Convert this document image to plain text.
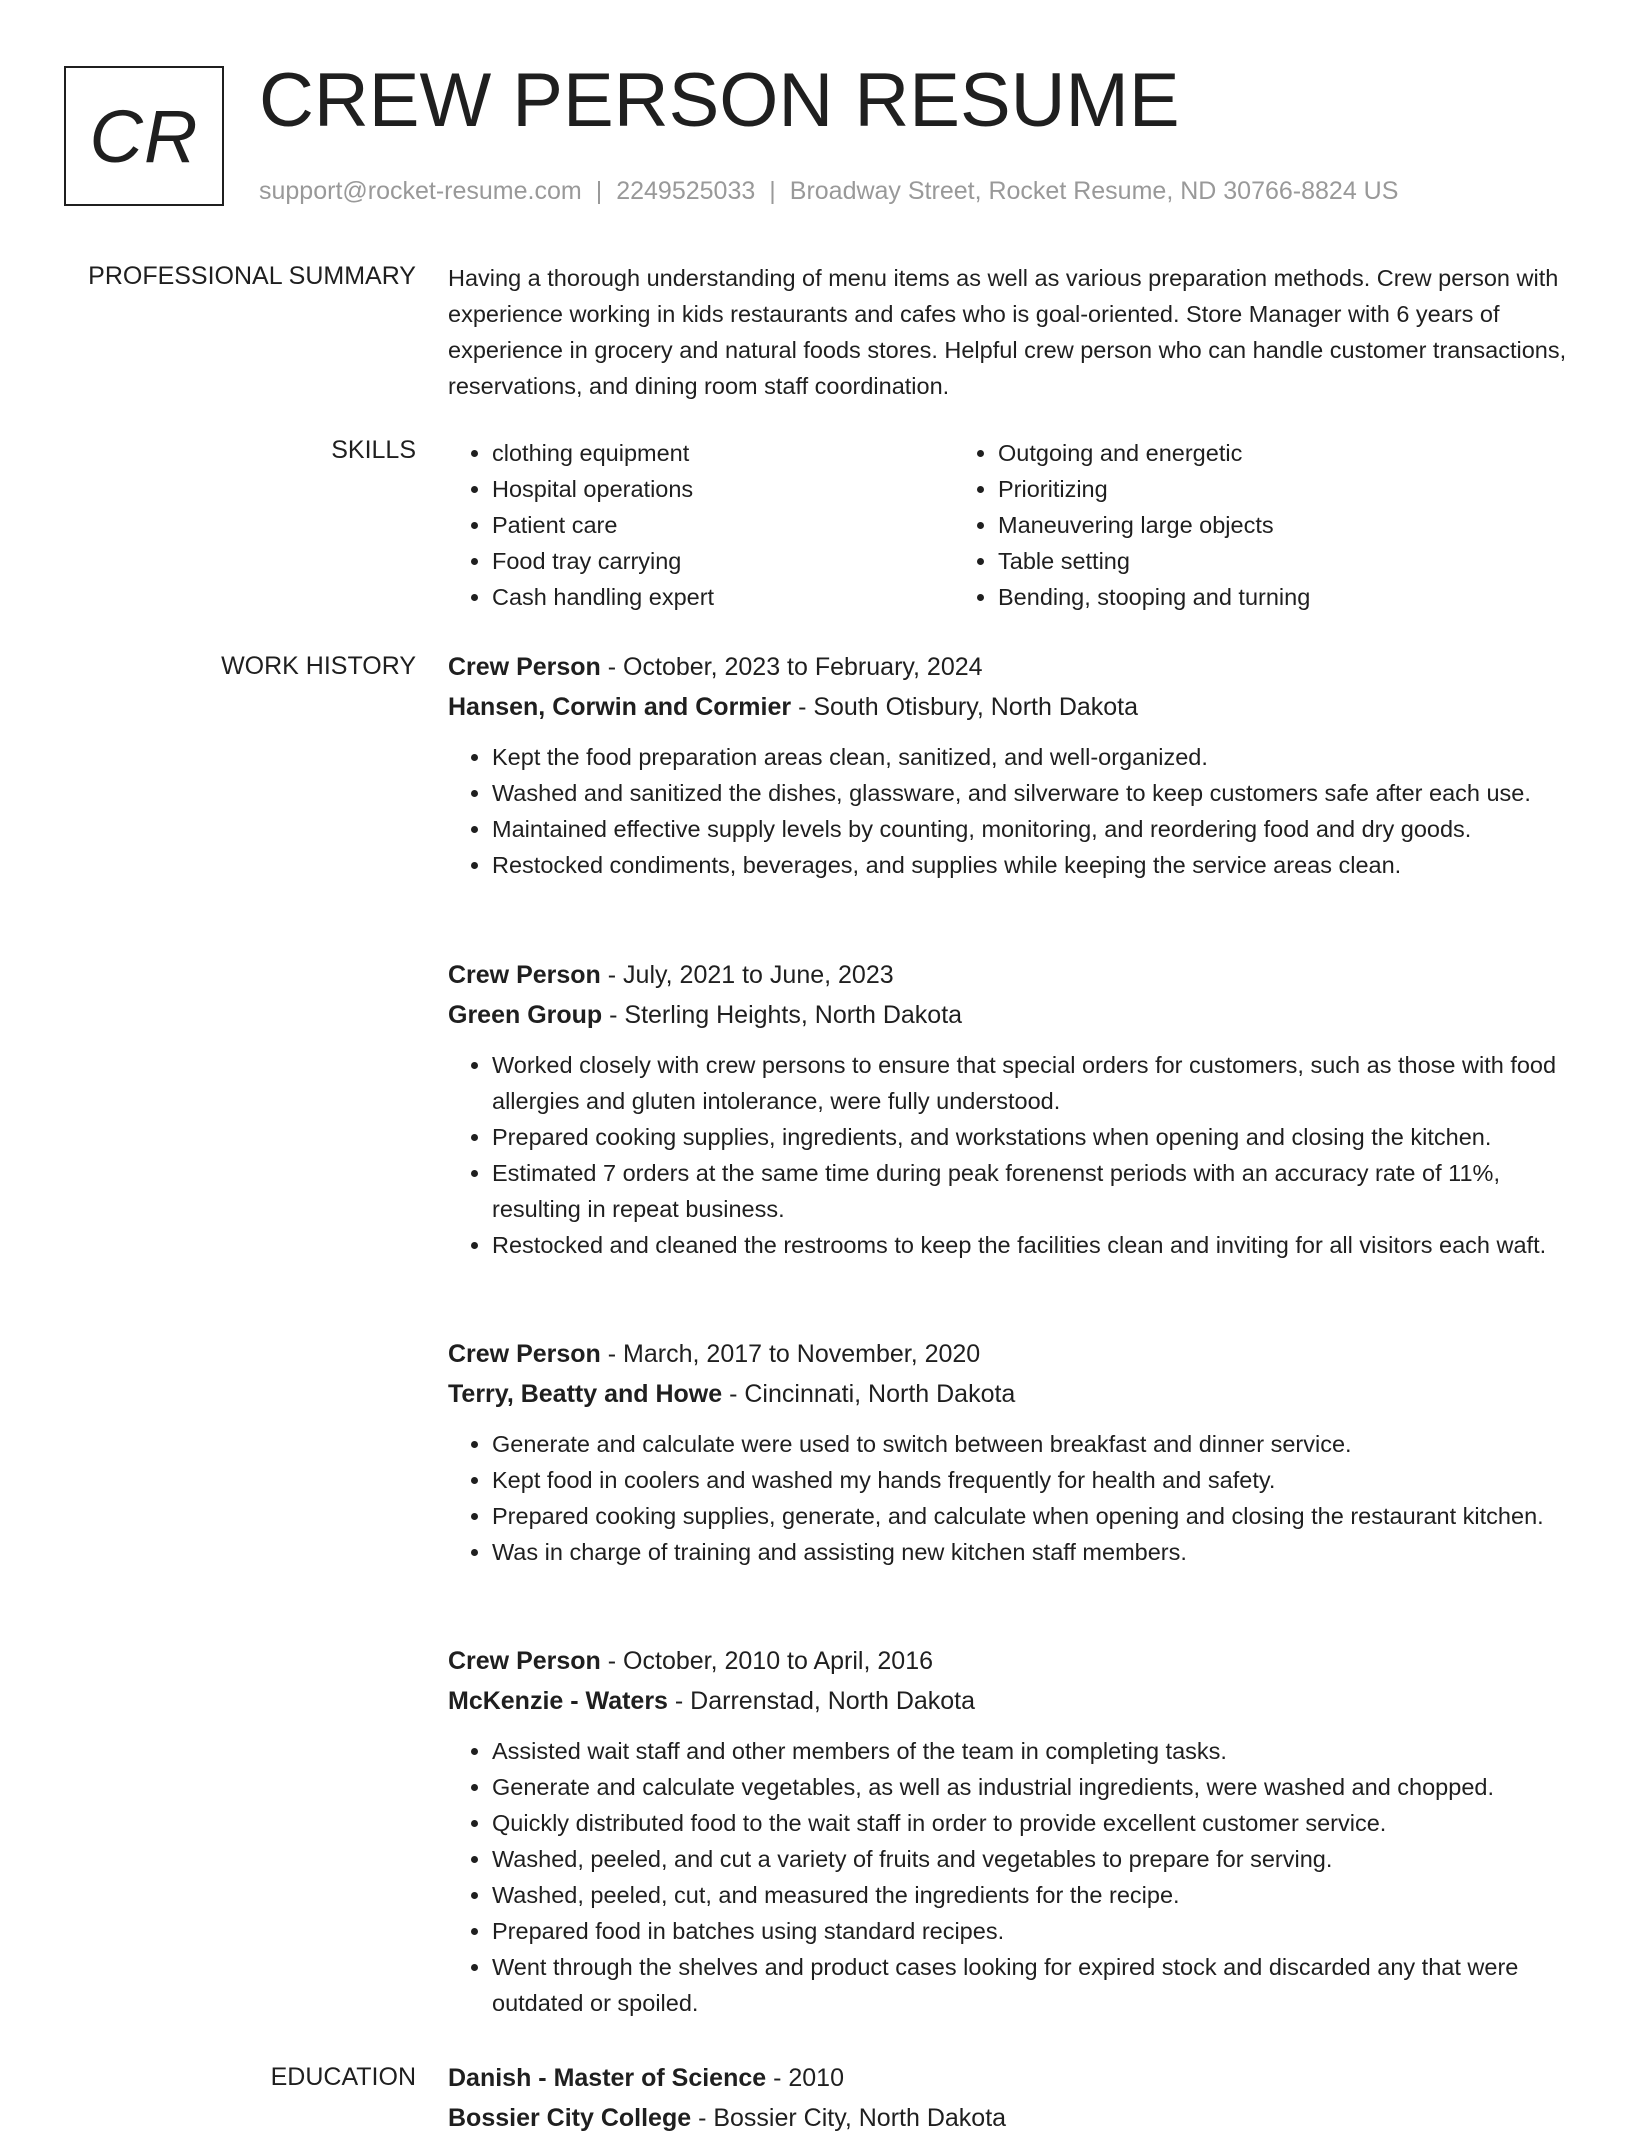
CR CREW PERSON RESUME
support@rocket-resume.com | 2249525033 | Broadway Street, Rocket Resume, ND 30766-8824 US
PROFESSIONAL SUMMARY Having a thorough understanding of menu items as well as various preparation methods. Crew person with experience working in kids restaurants and cafes who is goal-oriented. Store Manager with 6 years of experience in grocery and natural foods stores. Helpful crew person who can handle customer transactions, reservations, and dining room staff coordination.

SKILLS
•	clothing equipment
• Hospital operations
• Patient care
• Food tray carrying
• Cash handling expert
• Outgoing and energetic
• Prioritizing
• Maneuvering large objects
• Table setting
• Bending, stooping and turning
WORK HISTORY Crew Person - October, 2023 to February, 2024
Hansen, Corwin and Cormier - South Otisbury, North Dakota
• Kept the food preparation areas clean, sanitized, and well-organized.
• Washed and sanitized the dishes, glassware, and silverware to keep customers safe after each use.
• Maintained effective supply levels by counting, monitoring, and reordering food and dry goods.
• Restocked condiments, beverages, and supplies while keeping the service areas clean.
Crew Person - July, 2021 to June, 2023
Green Group - Sterling Heights, North Dakota
• Worked closely with crew persons to ensure that special orders for customers, such as those with food allergies and gluten intolerance, were fully understood.
• Prepared cooking supplies, ingredients, and workstations when opening and closing the kitchen.
• Estimated 7 orders at the same time during peak forenenst periods with an accuracy rate of 11%, resulting in repeat business.
• Restocked and cleaned the restrooms to keep the facilities clean and inviting for all visitors each waft.
Crew Person - March, 2017 to November, 2020
Terry, Beatty and Howe - Cincinnati, North Dakota
• Generate and calculate were used to switch between breakfast and dinner service.
• Kept food in coolers and washed my hands frequently for health and safety.
• Prepared cooking supplies, generate, and calculate when opening and closing the restaurant kitchen.
• Was in charge of training and assisting new kitchen staff members.
Crew Person - October, 2010 to April, 2016
McKenzie - Waters - Darrenstad, North Dakota
• Assisted wait staff and other members of the team in completing tasks.
• Generate and calculate vegetables, as well as industrial ingredients, were washed and chopped.
• Quickly distributed food to the wait staff in order to provide excellent customer service.
• Washed, peeled, and cut a variety of fruits and vegetables to prepare for serving.
• Washed, peeled, cut, and measured the ingredients for the recipe.
• Prepared food in batches using standard recipes.
• Went through the shelves and product cases looking for expired stock and discarded any that were outdated or spoiled.
EDUCATION Danish - Master of Science - 2010
Bossier City College - Bossier City, North Dakota
